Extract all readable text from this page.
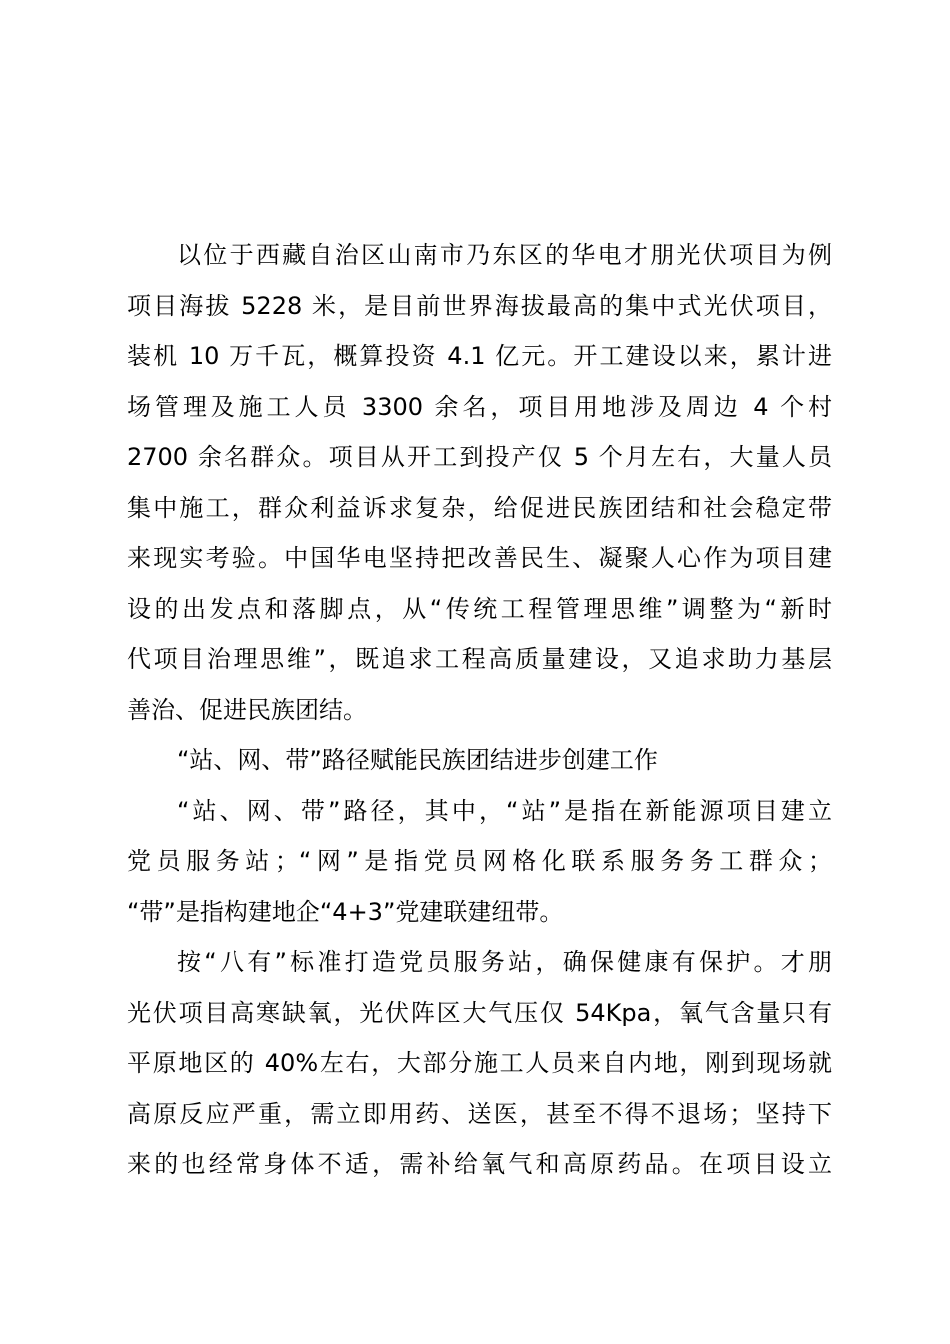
以位于西藏自治区山南市乃东区的华电才朋光伏项目为例
项目海拔 5228 米，是目前世界海拔最高的集中式光伏项目，
装机 10 万千瓦，概算投资 4.1 亿元。开工建设以来，累计进
场管理及施工人员 3300 余名，项目用地涉及周边 4 个村
2700 余名群众。项目从开工到投产仅 5 个月左右，大量人员
集中施工，群众利益诉求复杂，给促进民族团结和社会稳定带
来现实考验。中国华电坚持把改善民生、凝聚人心作为项目建
设的出发点和落脚点，从“传统工程管理思维”调整为“新时
代项目治理思维”，既追求工程高质量建设，又追求助力基层
善治、促进民族团结。
“站、网、带”路径赋能民族团结进步创建工作
“站、网、带”路径，其中，“站”是指在新能源项目建立
党员服务站；“网”是指党员网格化联系服务务工群众；
“带”是指构建地企“4+3”党建联建纽带。
按“八有”标准打造党员服务站，确保健康有保护。才朋
光伏项目高寒缺氧，光伏阵区大气压仅 54Kpa，氧气含量只有
平原地区的 40%左右，大部分施工人员来自内地，刚到现场就
高原反应严重，需立即用药、送医，甚至不得不退场；坚持下
来的也经常身体不适，需补给氧气和高原药品。在项目设立
